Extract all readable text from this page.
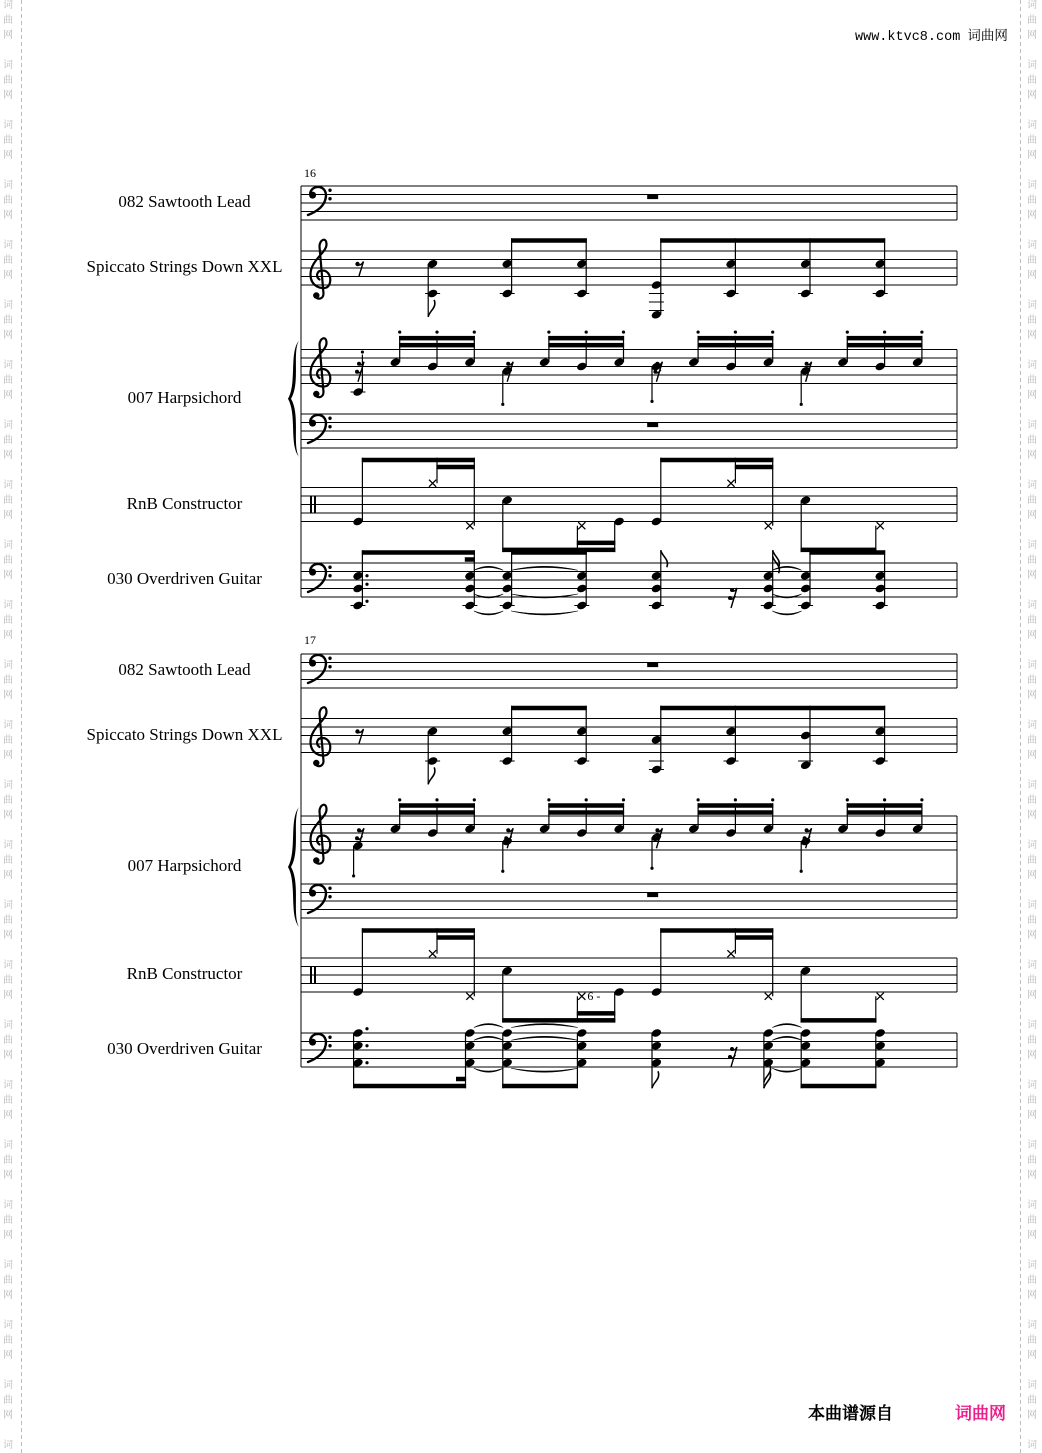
词
曲
网
词
曲
网
词
曲
网
词
曲
网
词
曲
网
词
曲
网
词
曲
网
词
曲
网
词
曲
网
词
曲
网
词
曲
网
词
曲
网
词
曲
网
词
曲
网
词
曲
网
词
曲
网
词
曲
网
词
曲
网
词
曲
网
词
曲
网
词
曲
网
词
曲
网
词
曲
网
词
曲
网
词
词
曲
网
词
曲
网
词
曲
网
词
曲
网
词
曲
网
词
曲
网
词
曲
网
词
曲
网
词
曲
网
词
曲
网
词
曲
网
词
曲
网
词
曲
网
词
曲
网
词
曲
网
词
曲
网
词
曲
网
词
曲
网
词
曲
网
词
曲
网
词
曲
网
词
曲
网
词
曲
网
词
曲
网
词
www.ktvc8.com 词曲网
6 -
16
082 Sawtooth Lead
Spiccato Strings Down XXL
007 Harpsichord
RnB Constructor
030 Overdriven Guitar
17
082 Sawtooth Lead
Spiccato Strings Down XXL
007 Harpsichord
RnB Constructor
030 Overdriven Guitar
本曲谱源自	词曲网
